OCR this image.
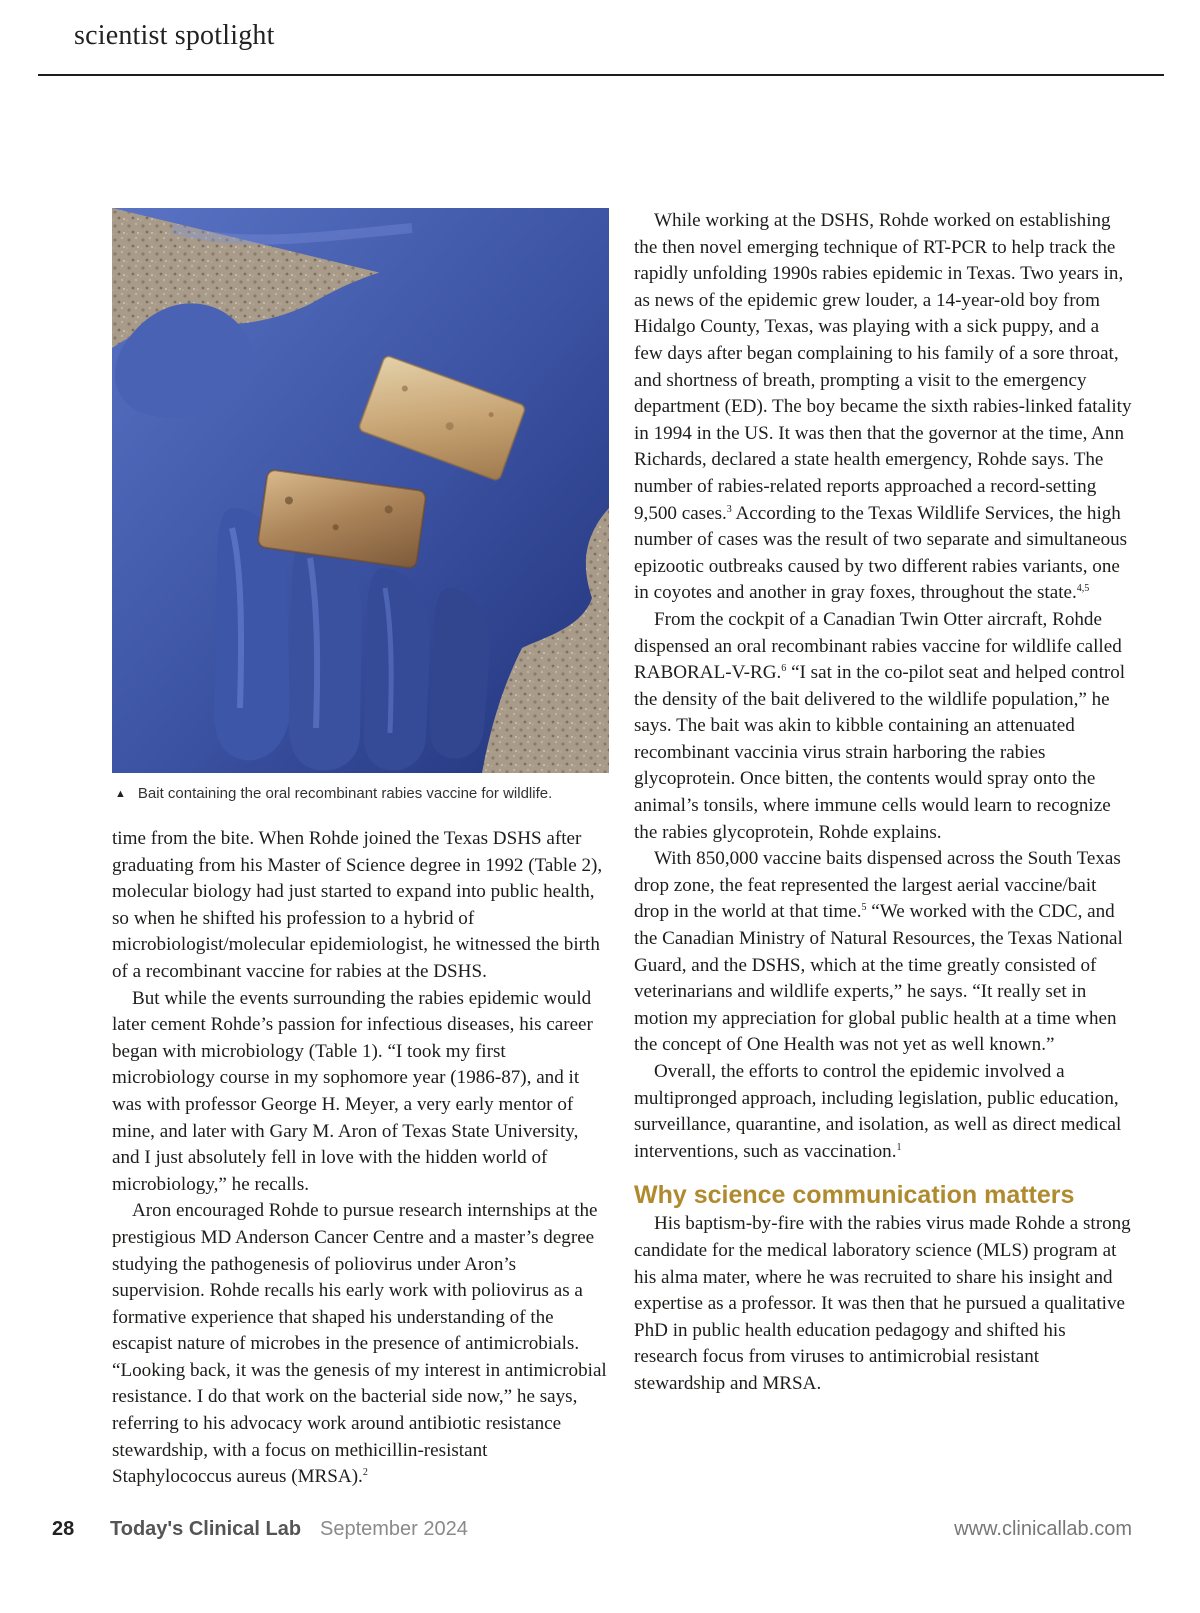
scientist spotlight
▲ Bait containing the oral recombinant rabies vaccine for wildlife.

time from the bite. When Rohde joined the Texas DSHS after graduating from his Master of Science degree in 1992 (Table 2), molecular biology had just started to expand into public health, so when he shifted his profession to a hybrid of microbiologist/molecular epidemiologist, he witnessed the birth of a recombinant vaccine for rabies at the DSHS.

But while the events surrounding the rabies epidemic would later cement Rohde’s passion for infectious diseases, his career began with microbiology (Table 1). “I took my first microbiology course in my sophomore year (1986-87), and it was with professor George H. Meyer, a very early mentor of mine, and later with Gary M. Aron of Texas State University, and I just absolutely fell in love with the hidden world of microbiology,” he recalls.

Aron encouraged Rohde to pursue research internships at the prestigious MD Anderson Cancer Centre and a master’s degree studying the pathogenesis of poliovirus under Aron’s supervision. Rohde recalls his early work with poliovirus as a formative experience that shaped his understanding of the escapist nature of microbes in the presence of antimicrobials. “Looking back, it was the genesis of my interest in antimicrobial resistance. I do that work on the bacterial side now,” he says, referring to his advocacy work around antibiotic resistance stewardship, with a focus on methicillin-resistant Staphylococcus aureus (MRSA).$^2$

While working at the DSHS, Rohde worked on establishing the then novel emerging technique of RT-PCR to help track the rapidly unfolding 1990s rabies epidemic in Texas. Two years in, as news of the epidemic grew louder, a 14-year-old boy from Hidalgo County, Texas, was playing with a sick puppy, and a few days after began complaining to his family of a sore throat, and shortness of breath, prompting a visit to the emergency department (ED). The boy became the sixth rabies-linked fatality in 1994 in the US. It was then that the governor at the time, Ann Richards, declared a state health emergency, Rohde says. The number of rabies-related reports approached a record-setting 9,500 cases.$^3$ According to the Texas Wildlife Services, the high number of cases was the result of two separate and simultaneous epizootic outbreaks caused by two different rabies variants, one in coyotes and another in gray foxes, throughout the state.$^{4,5}$

From the cockpit of a Canadian Twin Otter aircraft, Rohde dispensed an oral recombinant rabies vaccine for wildlife called RABORAL-V-RG.$^6$ “I sat in the co-pilot seat and helped control the density of the bait delivered to the wildlife population,” he says. The bait was akin to kibble containing an attenuated recombinant vaccinia virus strain harboring the rabies glycoprotein. Once bitten, the contents would spray onto the animal’s tonsils, where immune cells would learn to recognize the rabies glycoprotein, Rohde explains.

With 850,000 vaccine baits dispensed across the South Texas drop zone, the feat represented the largest aerial vaccine/bait drop in the world at that time.$^5$ “We worked with the CDC, and the Canadian Ministry of Natural Resources, the Texas National Guard, and the DSHS, which at the time greatly consisted of veterinarians and wildlife experts,” he says. “It really set in motion my appreciation for global public health at a time when the concept of One Health was not yet as well known.”

Overall, the efforts to control the epidemic involved a multipronged approach, including legislation, public education, surveillance, quarantine, and isolation, as well as direct medical interventions, such as vaccination.$^1$

Why science communication matters

His baptism-by-fire with the rabies virus made Rohde a strong candidate for the medical laboratory science (MLS) program at his alma mater, where he was recruited to share his insight and expertise as a professor. It was then that he pursued a qualitative PhD in public health education pedagogy and shifted his research focus from viruses to antimicrobial resistant stewardship and MRSA.

28 Today's Clinical Lab September 2024	www.clinicallab.com
